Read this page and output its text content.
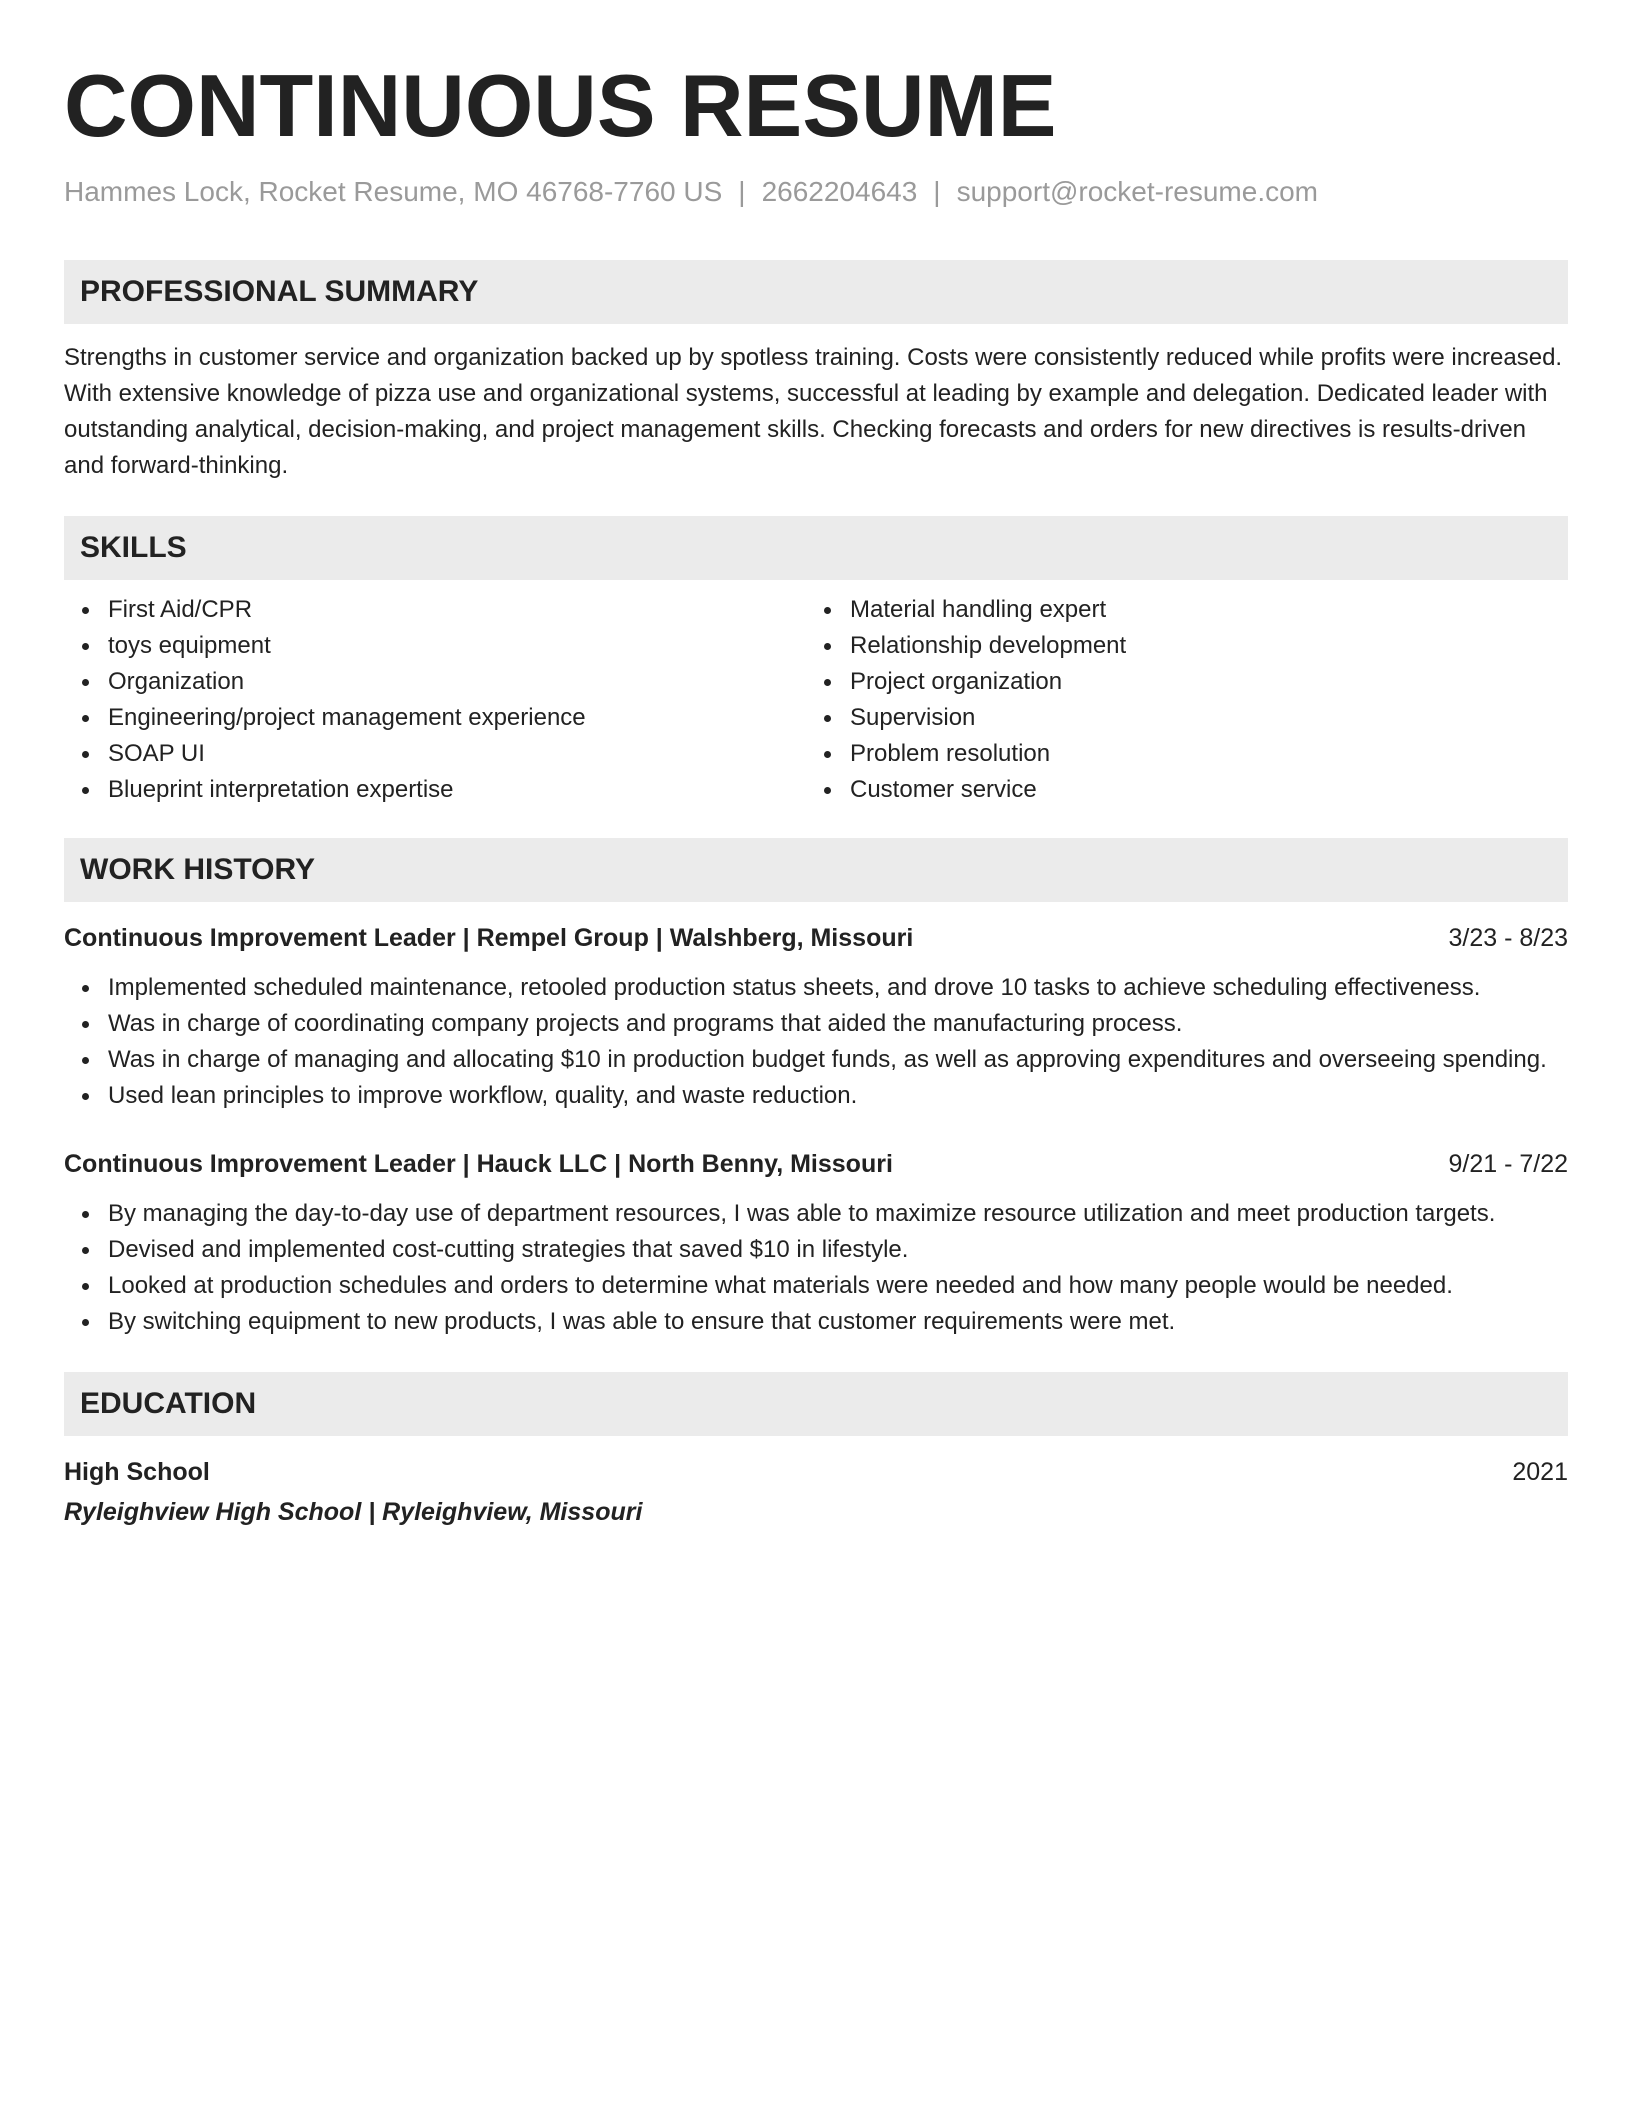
CONTINUOUS RESUME
Hammes Lock, Rocket Resume, MO 46768-7760 US | 2662204643 | support@rocket-resume.com
PROFESSIONAL SUMMARY
Strengths in customer service and organization backed up by spotless training. Costs were consistently reduced while profits were increased. With extensive knowledge of pizza use and organizational systems, successful at leading by example and delegation. Dedicated leader with outstanding analytical, decision-making, and project management skills. Checking forecasts and orders for new directives is results-driven and forward-thinking.
SKILLS
First Aid/CPR
toys equipment
Organization
Engineering/project management experience
SOAP UI
Blueprint interpretation expertise
Material handling expert
Relationship development
Project organization
Supervision
Problem resolution
Customer service
WORK HISTORY
Continuous Improvement Leader | Rempel Group | Walshberg, Missouri	3/23 - 8/23
Implemented scheduled maintenance, retooled production status sheets, and drove 10 tasks to achieve scheduling effectiveness.
Was in charge of coordinating company projects and programs that aided the manufacturing process.
Was in charge of managing and allocating $10 in production budget funds, as well as approving expenditures and overseeing spending.
Used lean principles to improve workflow, quality, and waste reduction.
Continuous Improvement Leader | Hauck LLC | North Benny, Missouri	9/21 - 7/22
By managing the day-to-day use of department resources, I was able to maximize resource utilization and meet production targets.
Devised and implemented cost-cutting strategies that saved $10 in lifestyle.
Looked at production schedules and orders to determine what materials were needed and how many people would be needed.
By switching equipment to new products, I was able to ensure that customer requirements were met.
EDUCATION
High School	2021
Ryleighview High School | Ryleighview, Missouri
